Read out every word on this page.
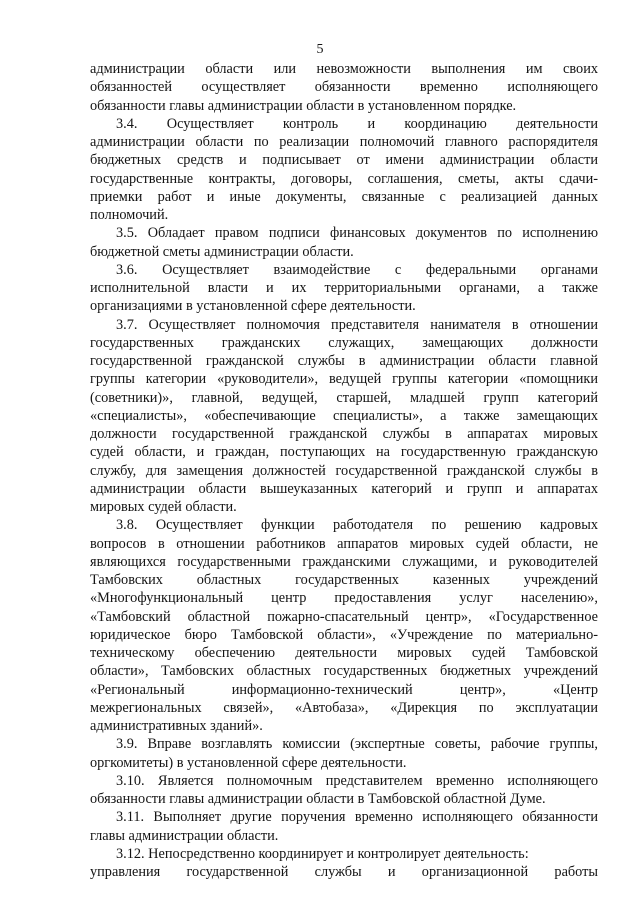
5
администрации области или невозможности выполнения им своих
обязанностей осуществляет обязанности временно исполняющего
обязанности главы администрации области в установленном порядке.
3.4. Осуществляет контроль и координацию деятельности
администрации области по реализации полномочий главного распорядителя
бюджетных средств и подписывает от имени администрации области
государственные контракты, договоры, соглашения, сметы, акты сдачи-
приемки работ и иные документы, связанные с реализацией данных
полномочий.
3.5. Обладает правом подписи финансовых документов по исполнению
бюджетной сметы администрации области.
3.6. Осуществляет взаимодействие с федеральными органами
исполнительной власти и их территориальными органами, а также
организациями в установленной сфере деятельности.
3.7. Осуществляет полномочия представителя нанимателя в отношении
государственных гражданских служащих, замещающих должности
государственной гражданской службы в администрации области главной
группы категории «руководители», ведущей группы категории «помощники
(советники)», главной, ведущей, старшей, младшей групп категорий
«специалисты», «обеспечивающие специалисты», а также замещающих
должности государственной гражданской службы в аппаратах мировых
судей области, и граждан, поступающих на государственную гражданскую
службу, для замещения должностей государственной гражданской службы в
администрации области вышеуказанных категорий и групп и аппаратах
мировых судей области.
3.8. Осуществляет функции работодателя по решению кадровых
вопросов в отношении работников аппаратов мировых судей области, не
являющихся государственными гражданскими служащими, и руководителей
Тамбовских областных государственных казенных учреждений
«Многофункциональный центр предоставления услуг населению»,
«Тамбовский областной пожарно-спасательный центр», «Государственное
юридическое бюро Тамбовской области», «Учреждение по материально-
техническому обеспечению деятельности мировых судей Тамбовской
области», Тамбовских областных государственных бюджетных учреждений
«Региональный информационно-технический центр», «Центр
межрегиональных связей», «Автобаза», «Дирекция по эксплуатации
административных зданий».
3.9. Вправе возглавлять комиссии (экспертные советы, рабочие группы,
оргкомитеты) в установленной сфере деятельности.
3.10. Является полномочным представителем временно исполняющего
обязанности главы администрации области в Тамбовской областной Думе.
3.11. Выполняет другие поручения временно исполняющего обязанности
главы администрации области.
3.12. Непосредственно координирует и контролирует деятельность:
управления государственной службы и организационной работы
